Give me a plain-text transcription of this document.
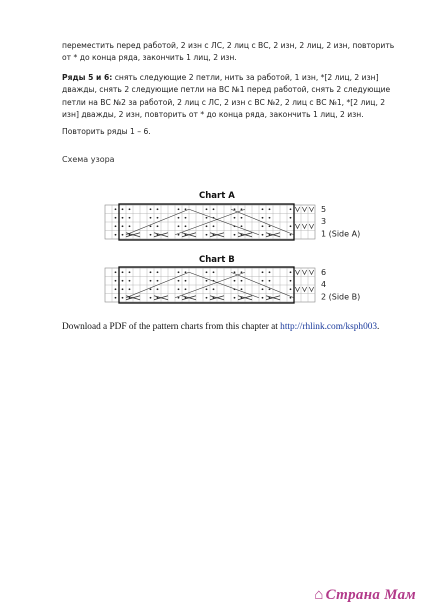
переместить перед работой, 2 изн с ЛС, 2 лиц с ВС, 2 изн, 2 лиц, 2 изн, повторить от * до конца ряда, закончить 1 лиц, 2 изн.
Ряды 5 и 6: снять следующие 2 петли, нить за работой, 1 изн, *[2 лиц, 2 изн] дважды, снять 2 следующие петли на ВС №1 перед работой, снять 2 следующие петли на ВС №2 за работой, 2 лиц с ЛС, 2 изн с ВС №2, 2 лиц с ВС №1, *[2 лиц, 2 изн] дважды, 2 изн, повторить от * до конца ряда, закончить 1 лиц, 2 изн.
Повторить ряды 1 – 6.
Схема узора
Chart A
Chart B
5
3
1 (Side A)
6
4
2 (Side B)
Download a PDF of the pattern charts from this chapter at http://rhlink.com/ksph003.
⌂ Страна Мам
